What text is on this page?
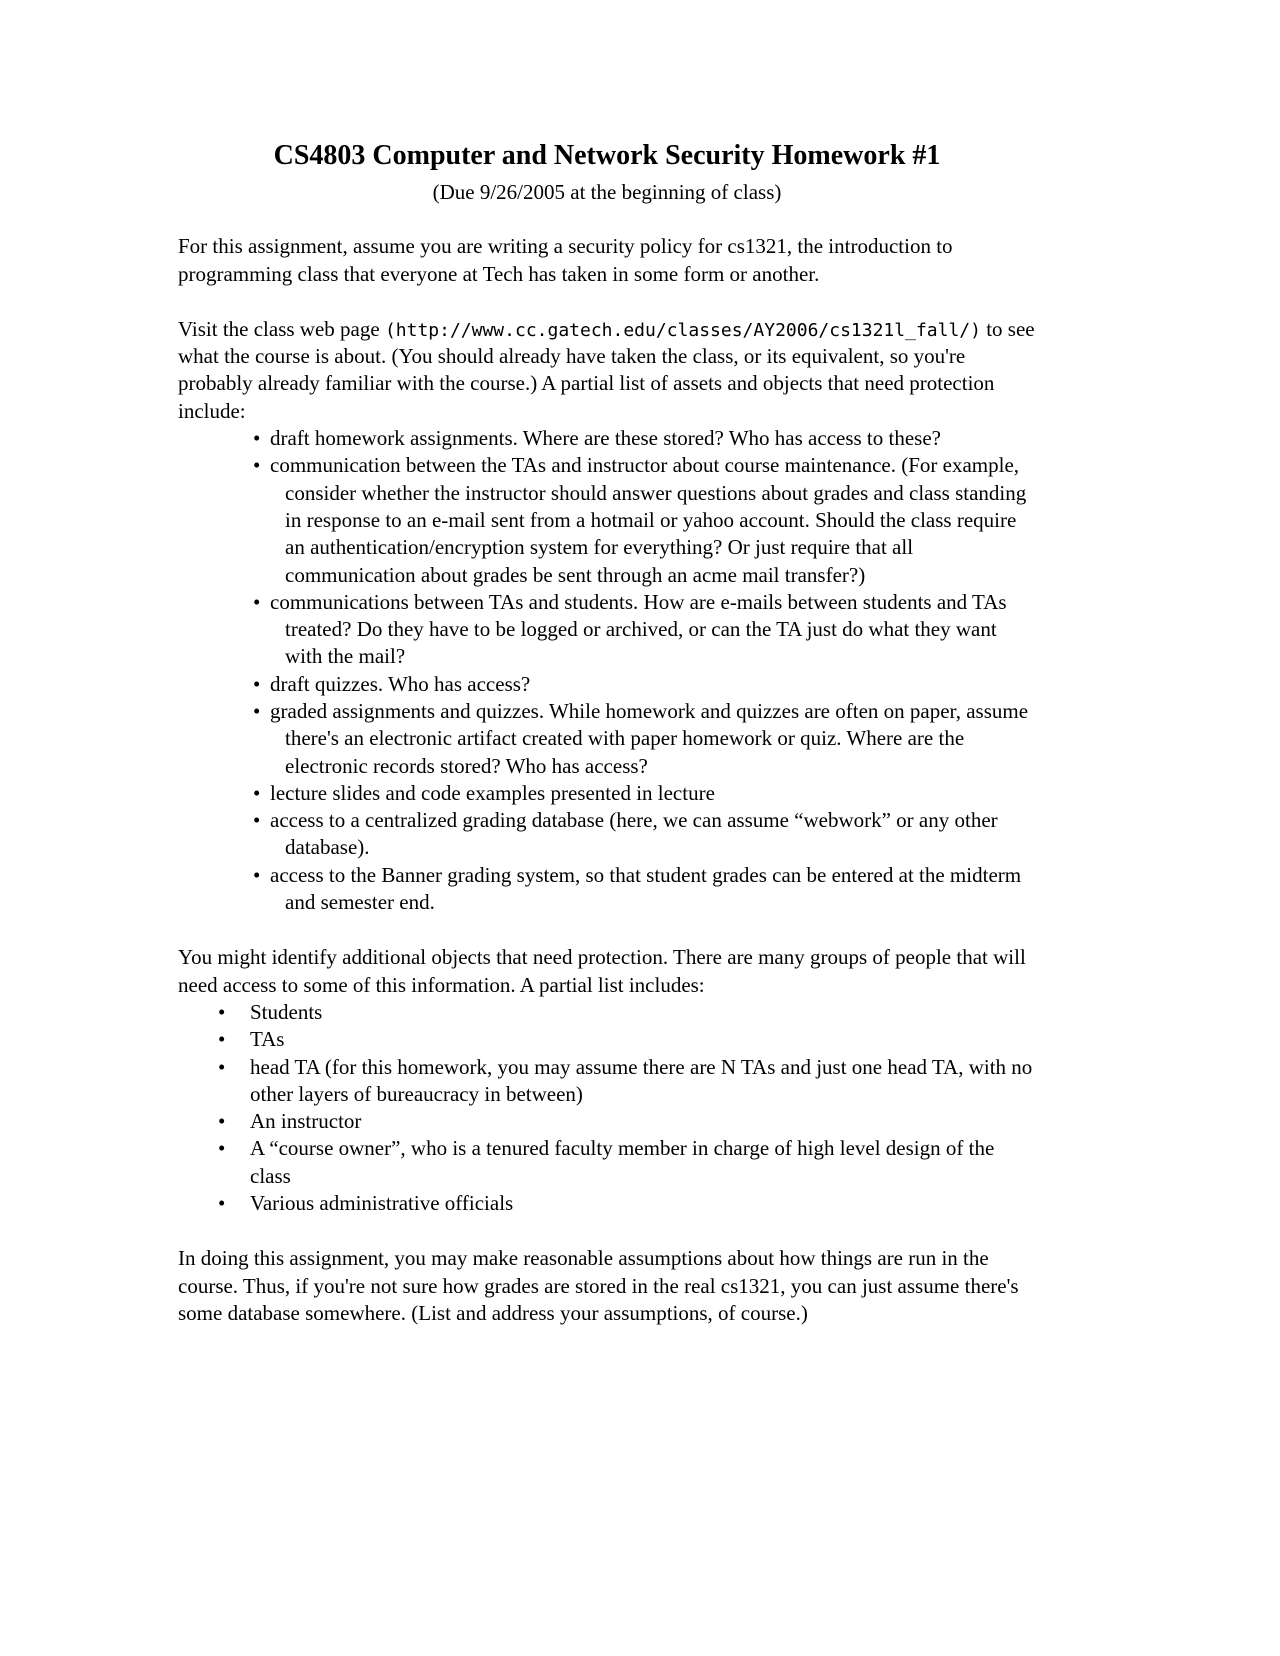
CS4803 Computer and Network Security Homework #1
(Due 9/26/2005 at the beginning of class)

For this assignment, assume you are writing a security policy for cs1321, the introduction to programming class that everyone at Tech has taken in some form or another.

Visit the class web page (http://www.cc.gatech.edu/classes/AY2006/cs1321l_fall/) to see what the course is about. (You should already have taken the class, or its equivalent, so you're probably already familiar with the course.) A partial list of assets and objects that need protection include:

• draft homework assignments. Where are these stored? Who has access to these?
• communication between the TAs and instructor about course maintenance. (For example, consider whether the instructor should answer questions about grades and class standing in response to an e-mail sent from a hotmail or yahoo account. Should the class require an authentication/encryption system for everything? Or just require that all communication about grades be sent through an acme mail transfer?)
• communications between TAs and students. How are e-mails between students and TAs treated? Do they have to be logged or archived, or can the TA just do what they want with the mail?
• draft quizzes. Who has access?
• graded assignments and quizzes. While homework and quizzes are often on paper, assume there's an electronic artifact created with paper homework or quiz. Where are the electronic records stored? Who has access?
• lecture slides and code examples presented in lecture
• access to a centralized grading database (here, we can assume “webwork” or any other database).
• access to the Banner grading system, so that student grades can be entered at the midterm and semester end.

You might identify additional objects that need protection. There are many groups of people that will need access to some of this information. A partial list includes:

• Students
• TAs
• head TA (for this homework, you may assume there are N TAs and just one head TA, with no other layers of bureaucracy in between)
• An instructor
• A “course owner”, who is a tenured faculty member in charge of high level design of the class
• Various administrative officials

In doing this assignment, you may make reasonable assumptions about how things are run in the course. Thus, if you're not sure how grades are stored in the real cs1321, you can just assume there's some database somewhere. (List and address your assumptions, of course.)
